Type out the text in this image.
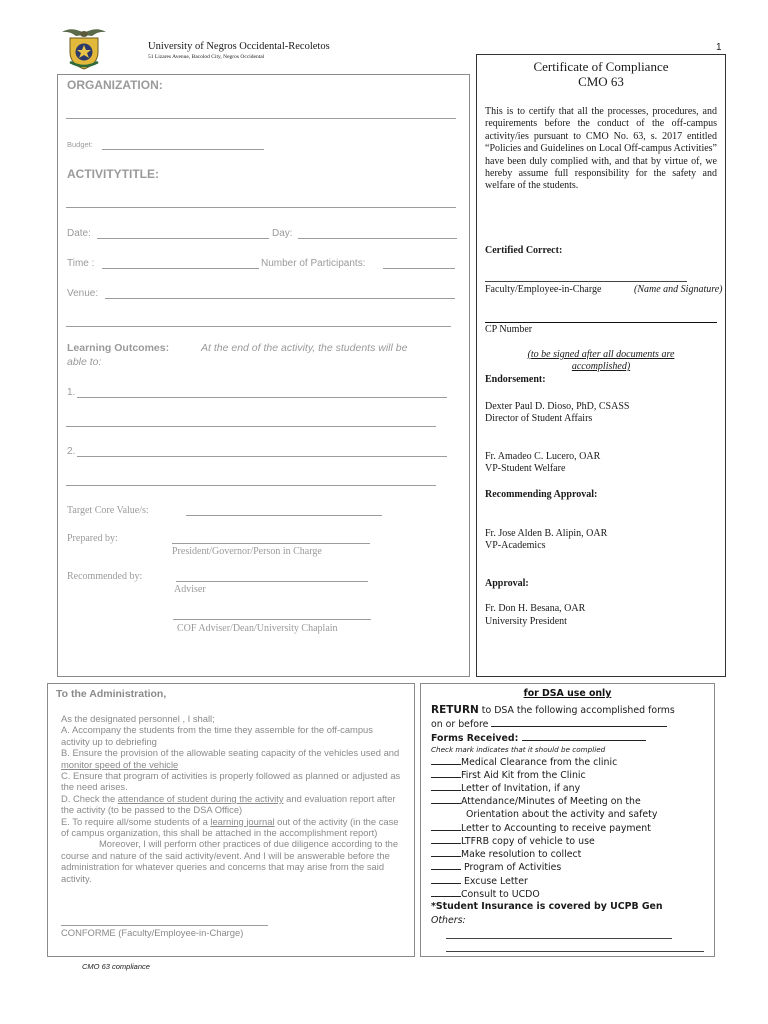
University of Negros Occidental-Recoletos
51 Lizares Avenue, Bacolod City, Negros Occidental
1
ORGANIZATION:
Budget:
ACTIVITYTITLE:
Date:	Day:
Time :	Number of Participants:
Venue:
Learning Outcomes:	At the end of the activity, the students will be
able to:
1.
2.
Target Core Value/s:
Prepared by:
President/Governor/Person in Charge
Recommended by:
Adviser
COF Adviser/Dean/University Chaplain
Certificate of Compliance
CMO 63
This is to certify that all the processes, procedures, and requirements before the conduct of the off-campus activity/ies pursuant to CMO No. 63, s. 2017 entitled “Policies and Guidelines on Local Off-campus Activities” have been duly complied with, and that by virtue of, we hereby assume full responsibility for the safety and welfare of the students.
Certified Correct:
Faculty/Employee-in-Charge	(Name and Signature)
CP Number
(to be signed after all documents are
accomplished)
Endorsement:
Dexter Paul D. Dioso, PhD, CSASS
Director of Student Affairs
Fr. Amadeo C. Lucero, OAR
VP-Student Welfare
Recommending Approval:
Fr. Jose Alden B. Alipin, OAR
VP-Academics
Approval:
Fr. Don H. Besana, OAR
University President
To the Administration,

As the designated personnel , I shall;

A. Accompany the students from the time they assemble for the off-campus activity up to debriefing

B. Ensure the provision of the allowable seating capacity of the vehicles used and monitor speed of the vehicle

C. Ensure that program of activities is properly followed as planned or adjusted as the need arises.

D. Check the attendance of student during the activity and evaluation report after the activity (to be passed to the DSA Office)

E. To require all/some students of a learning journal out of the activity (in the case of campus organization, this shall be attached in the accomplishment report)

Moreover, I will perform other practices of due diligence according to the course and nature of the said activity/event. And I will be answerable before the administration for whatever queries and concerns that may arise from the said activity.

CONFORME (Faculty/Employee-in-Charge)
for DSA use only
RETURN to DSA the following accomplished forms
on or before
Forms Received:
Check mark indicates that it should be complied
Medical Clearance from the clinic
First Aid Kit from the Clinic
Letter of Invitation, if any
Attendance/Minutes of Meeting on the
Orientation about the activity and safety
Letter to Accounting to receive payment
LTFRB copy of vehicle to use
Make resolution to collect
Program of Activities
Excuse Letter
Consult to UCDO
*Student Insurance is covered by UCPB Gen
Others:
CMO 63 compliance
